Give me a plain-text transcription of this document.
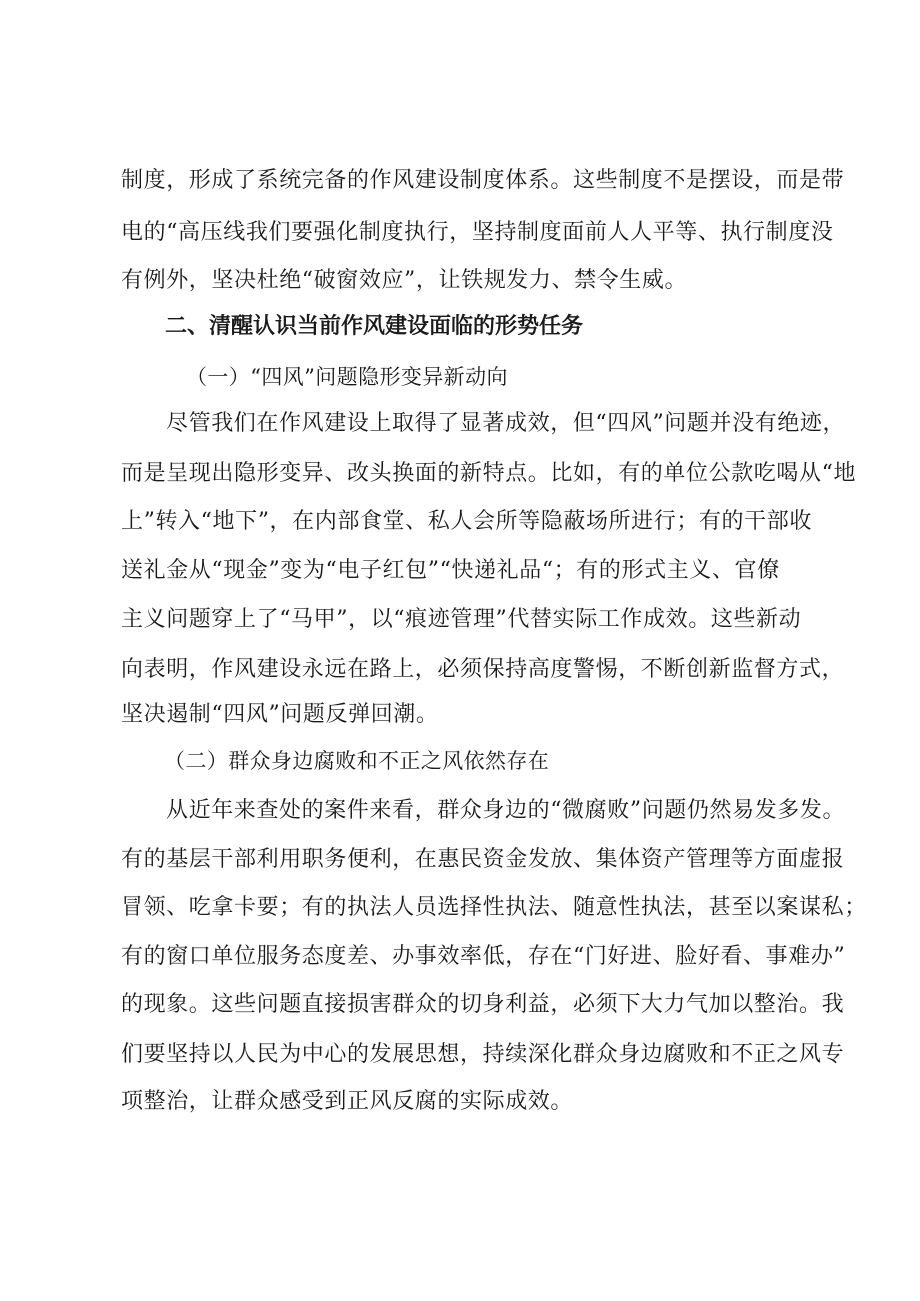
制度，形成了系统完备的作风建设制度体系。这些制度不是摆设，而是带
电的“高压线我们要强化制度执行，坚持制度面前人人平等、执行制度没
有例外，坚决杜绝“破窗效应”，让铁规发力、禁令生威。
二、清醒认识当前作风建设面临的形势任务
（一）“四风”问题隐形变异新动向
尽管我们在作风建设上取得了显著成效，但“四风”问题并没有绝迹，
而是呈现出隐形变异、改头换面的新特点。比如，有的单位公款吃喝从“地
上”转入“地下”，在内部食堂、私人会所等隐蔽场所进行；有的干部收
送礼金从“现金”变为“电子红包”“快递礼品“；有的形式主义、官僚
主义问题穿上了“马甲”，以“痕迹管理”代替实际工作成效。这些新动
向表明，作风建设永远在路上，必须保持高度警惕，不断创新监督方式，
坚决遏制“四风”问题反弹回潮。
（二）群众身边腐败和不正之风依然存在
从近年来查处的案件来看，群众身边的“微腐败”问题仍然易发多发。
有的基层干部利用职务便利，在惠民资金发放、集体资产管理等方面虚报
冒领、吃拿卡要；有的执法人员选择性执法、随意性执法，甚至以案谋私；
有的窗口单位服务态度差、办事效率低，存在“门好进、脸好看、事难办”
的现象。这些问题直接损害群众的切身利益，必须下大力气加以整治。我
们要坚持以人民为中心的发展思想，持续深化群众身边腐败和不正之风专
项整治，让群众感受到正风反腐的实际成效。
